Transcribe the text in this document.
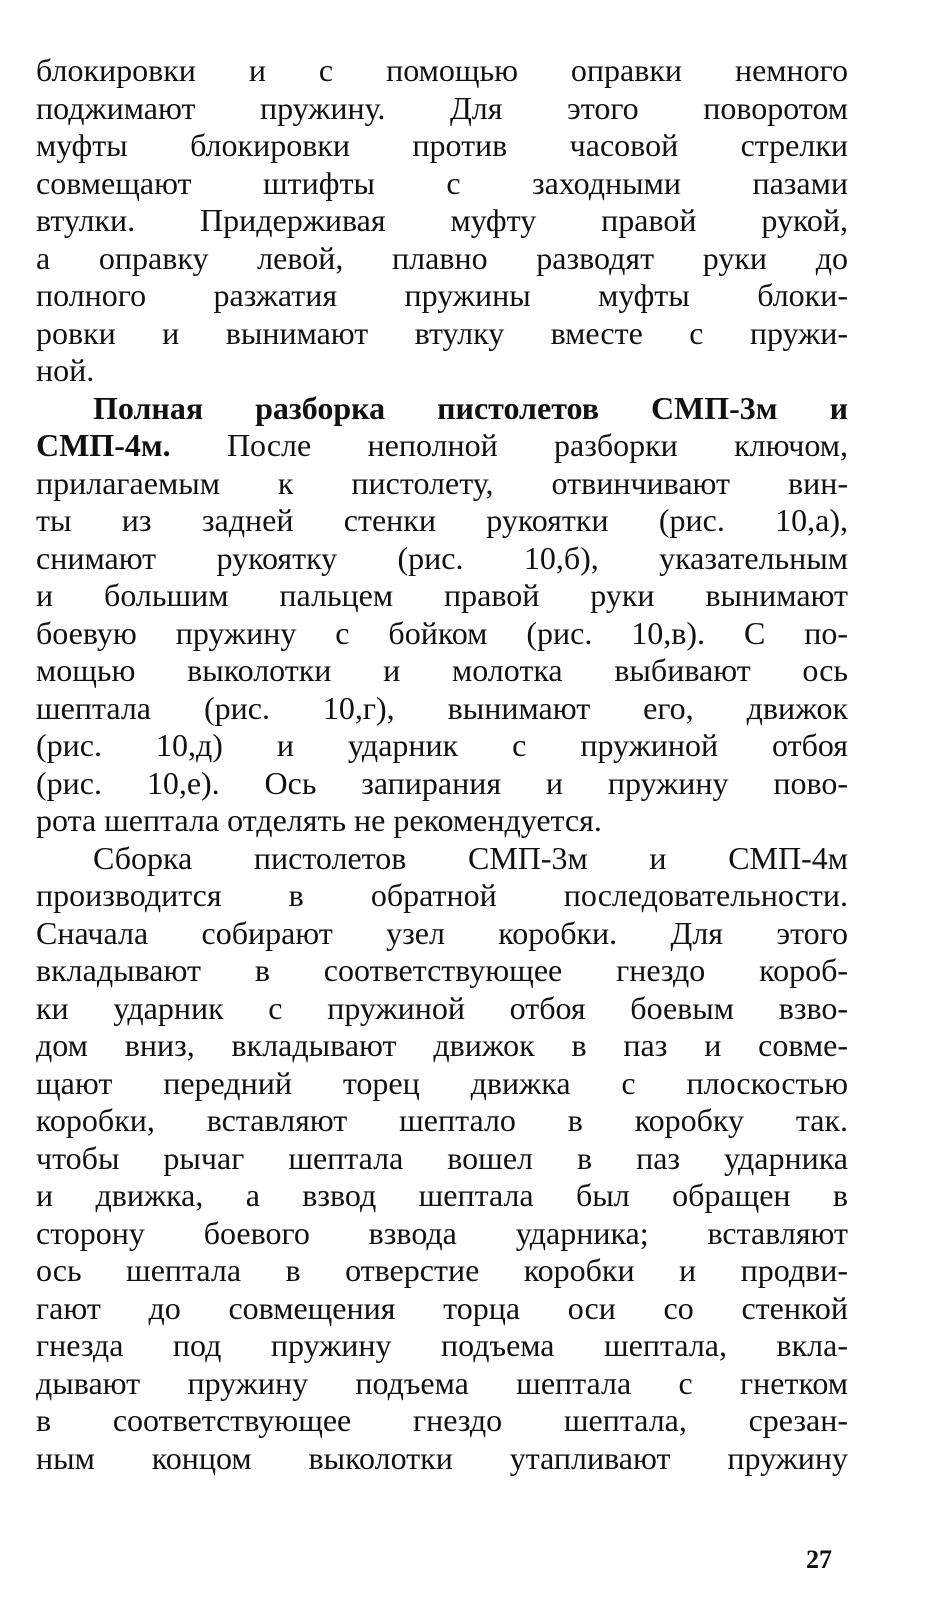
блокировки и с помощью оправки немного
поджимают пружину. Для этого поворотом
муфты блокировки против часовой стрелки
совмещают штифты с заходными пазами
втулки. Придерживая муфту правой рукой,
а оправку левой, плавно разводят руки до
полного разжатия пружины муфты блоки-
ровки и вынимают втулку вместе с пружи-
ной.
Полная разборка пистолетов СМП-3м и
СМП-4м. После неполной разборки ключом,
прилагаемым к пистолету, отвинчивают вин-
ты из задней стенки рукоятки (рис. 10,а),
снимают рукоятку (рис. 10,б), указательным
и большим пальцем правой руки вынимают
боевую пружину с бойком (рис. 10,в). С по-
мощью выколотки и молотка выбивают ось
шептала (рис. 10,г), вынимают его, движок
(рис. 10,д) и ударник с пружиной отбоя
(рис. 10,е). Ось запирания и пружину пово-
рота шептала отделять не рекомендуется.
Сборка пистолетов СМП-3м и СМП-4м
производится в обратной последовательности.
Сначала собирают узел коробки. Для этого
вкладывают в соответствующее гнездо короб-
ки ударник с пружиной отбоя боевым взво-
дом вниз, вкладывают движок в паз и совме-
щают передний торец движка с плоскостью
коробки, вставляют шептало в коробку так.
чтобы рычаг шептала вошел в паз ударника
и движка, а взвод шептала был обращен в
сторону боевого взвода ударника; вставляют
ось шептала в отверстие коробки и продви-
гают до совмещения торца оси со стенкой
гнезда под пружину подъема шептала, вкла-
дывают пружину подъема шептала с гнетком
в соответствующее гнездо шептала, срезан-
ным концом выколотки утапливают пружину
27
